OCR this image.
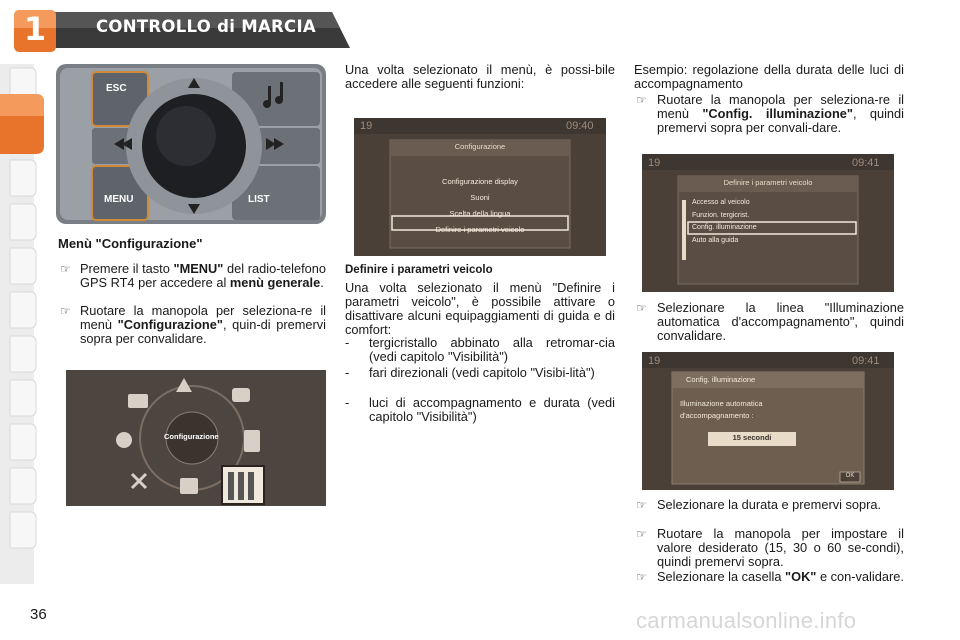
1	CONTROLLO di MARCIA
ESC
MENU	LIST
Menù "Configurazione"
☞ Premere il tasto "MENU" del radio-telefono GPS RT4 per accedere al menù generale.
☞ Ruotare la manopola per seleziona-re il menù "Configurazione", quin-di premervi sopra per convalidare.
Configurazione
Una volta selezionato il menù, è possi-bile accedere alle seguenti funzioni:
19	09:40
Configurazione
Configurazione display
Suoni
Scelta della lingua
Definire i parametri veicolo
Definire i parametri veicolo
Una volta selezionato il menù "Definire i parametri veicolo", è possibile attivare o disattivare alcuni equipaggiamenti di guida e di comfort:
- tergicristallo abbinato alla retromar-cia (vedi capitolo "Visibilità")
- fari direzionali (vedi capitolo "Visibi-lità")
- luci di accompagnamento e durata (vedi capitolo "Visibilità")
Esempio: regolazione della durata delle luci di accompagnamento
☞ Ruotare la manopola per seleziona-re il menù "Config. illuminazione", quindi premervi sopra per convali-dare.
19	09:41
Definire i parametri veicolo
Accesso al veicolo
Funzion. tergicrist.
Config. illuminazione
Auto alla guida
☞ Selezionare la linea "Illuminazione automatica d'accompagnamento", quindi convalidare.
19	09:41
Config. illuminazione
Illuminazione automatica
d'accompagnamento :
15 secondi
OK
☞ Selezionare la durata e premervi sopra.
☞ Ruotare la manopola per impostare il valore desiderato (15, 30 o 60 se-condi), quindi premervi sopra.
☞ Selezionare la casella "OK" e con-validare.
36	carmanualsonline.info
